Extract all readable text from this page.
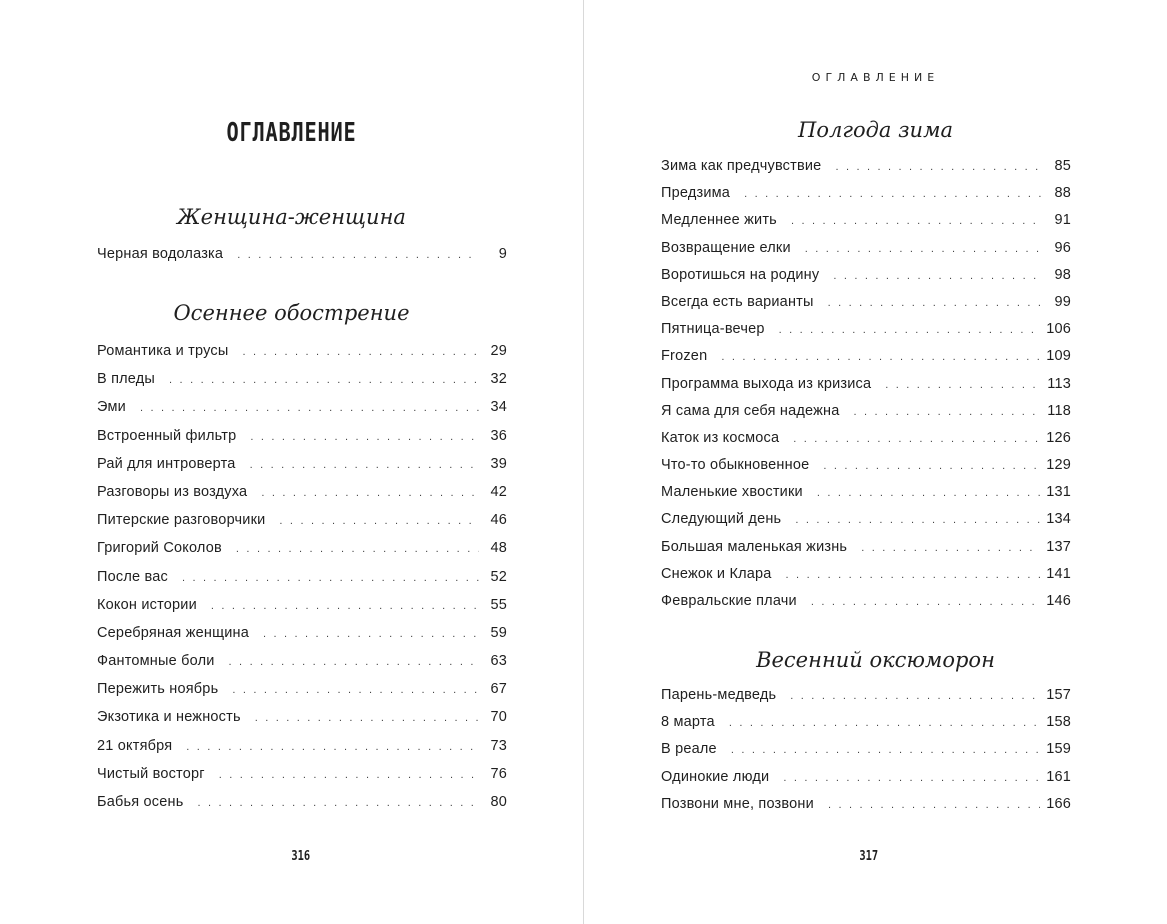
ОГЛАВЛЕНИЕ
Женщина-женщина
Черная водолазка . . .	9
Осеннее обострение
Романтика и трусы . . .	29
В пледы . . .	32
Эми . . .	34
Встроенный фильтр . . .	36
Рай для интроверта . . .	39
Разговоры из воздуха . . .	42
Питерские разговорчики . . .	46
Григорий Соколов . . .	48
После вас . . .	52
Кокон истории . . .	55
Серебряная женщина . . .	59
Фантомные боли . . .	63
Пережить ноябрь . . .	67
Экзотика и нежность . . .	70
21 октября . . .	73
Чистый восторг . . .	76
Бабья осень . . .	80
316
ОГЛАВЛЕНИЕ
Полгода зима
Зима как предчувствие . . .	85
Предзима . . .	88
Медленнее жить . . .	91
Возвращение елки . . .	96
Воротишься на родину . . .	98
Всегда есть варианты . . .	99
Пятница-вечер . . .	106
Frozen . . .	109
Программа выхода из кризиса . . .	113
Я сама для себя надежна . . .	118
Каток из космоса . . .	126
Что-то обыкновенное . . .	129
Маленькие хвостики . . .	131
Следующий день . . .	134
Большая маленькая жизнь . . .	137
Снежок и Клара . . .	141
Февральские плачи . . .	146
Весенний оксюморон
Парень-медведь . . .	157
8 марта . . .	158
В реале . . .	159
Одинокие люди . . .	161
Позвони мне, позвони . . .	166
317
